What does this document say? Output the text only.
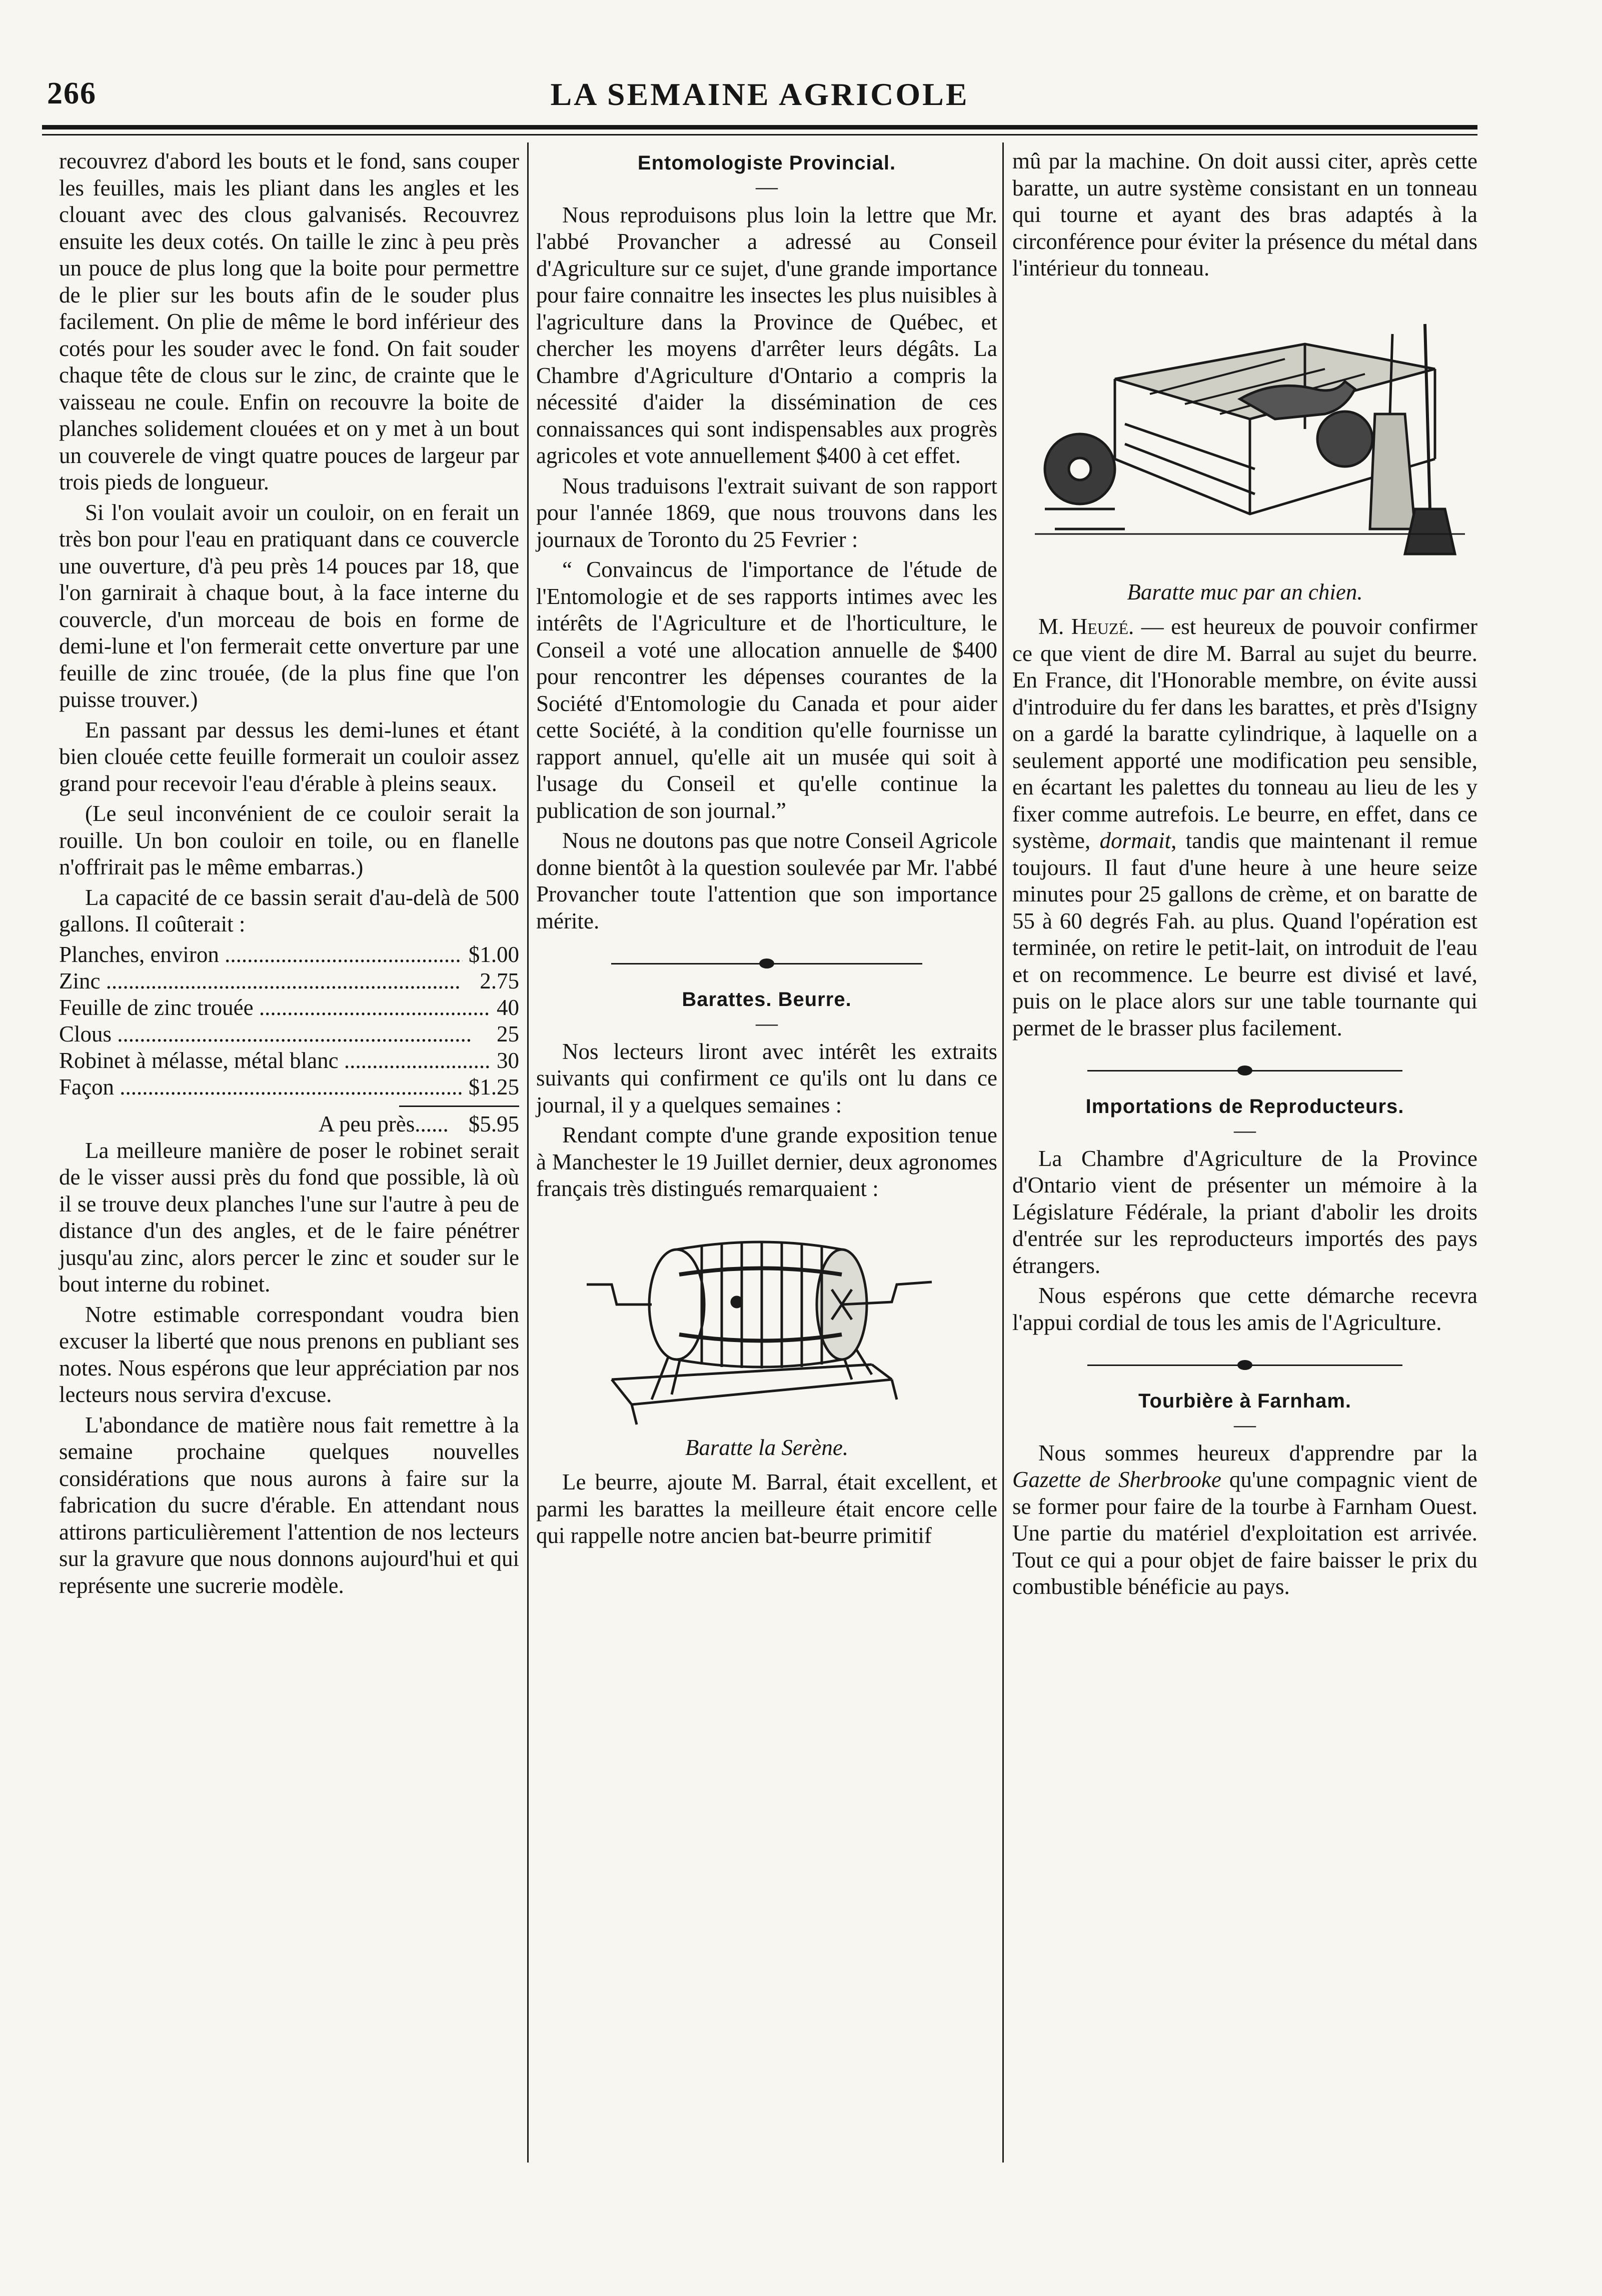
266	LA SEMAINE AGRICOLE

recouvrez d'abord les bouts et le fond, sans couper les feuilles, mais les pliant dans les angles et les clouant avec des clous galvanisés. Recouvrez ensuite les deux cotés. On taille le zinc à peu près un pouce de plus long que la boite pour permettre de le plier sur les bouts afin de le souder plus facilement. On plie de même le bord inférieur des cotés pour les souder avec le fond. On fait souder chaque tête de clous sur le zinc, de crainte que le vaisseau ne coule. Enfin on recouvre la boite de planches solidement clouées et on y met à un bout un couverele de vingt quatre pouces de largeur par trois pieds de longueur.

Si l'on voulait avoir un couloir, on en ferait un très bon pour l'eau en pratiquant dans ce couvercle une ouverture, d'à peu près 14 pouces par 18, que l'on garnirait à chaque bout, à la face interne du couvercle, d'un morceau de bois en forme de demi-lune et l'on fermerait cette onverture par une feuille de zinc trouée, (de la plus fine que l'on puisse trouver.)

En passant par dessus les demi-lunes et étant bien clouée cette feuille formerait un couloir assez grand pour recevoir l'eau d'érable à pleins seaux.

(Le seul inconvénient de ce couloir serait la rouille. Un bon couloir en toile, ou en flanelle n'offrirait pas le même embarras.)

La capacité de ce bassin serait d'au-delà de 500 gallons. Il coûterait :

Planches, environ .....	$1.00
Zinc .....	2.75
Feuille de zinc trouée .....	40
Clous .....	25
Robinet à mélasse, métal blanc .....	30
Façon .....	$1.25
A peu près...... $5.95

La meilleure manière de poser le robinet serait de le visser aussi près du fond que possible, là où il se trouve deux planches l'une sur l'autre à peu de distance d'un des angles, et de le faire pénétrer jusqu'au zinc, alors percer le zinc et souder sur le bout interne du robinet.

Notre estimable correspondant voudra bien excuser la liberté que nous prenons en publiant ses notes. Nous espérons que leur appréciation par nos lecteurs nous servira d'excuse.

L'abondance de matière nous fait remettre à la semaine prochaine quelques nouvelles considérations que nous aurons à faire sur la fabrication du sucre d'érable. En attendant nous attirons particulièrement l'attention de nos lecteurs sur la gravure que nous donnons aujourd'hui et qui représente une sucrerie modèle.

Entomologiste Provincial.
—

Nous reproduisons plus loin la lettre que Mr. l'abbé Provancher a adressé au Conseil d'Agriculture sur ce sujet, d'une grande importance pour faire connaitre les insectes les plus nuisibles à l'agriculture dans la Province de Québec, et chercher les moyens d'arrêter leurs dégâts. La Chambre d'Agriculture d'Ontario a compris la nécessité d'aider la dissémination de ces connaissances qui sont indispensables aux progrès agricoles et vote annuellement $400 à cet effet.

Nous traduisons l'extrait suivant de son rapport pour l'année 1869, que nous trouvons dans les journaux de Toronto du 25 Fevrier :

“ Convaincus de l'importance de l'étude de l'Entomologie et de ses rapports intimes avec les intérêts de l'Agriculture et de l'horticulture, le Conseil a voté une allocation annuelle de $400 pour rencontrer les dépenses courantes de la Société d'Entomologie du Canada et pour aider cette Société, à la condition qu'elle fournisse un rapport annuel, qu'elle ait un musée qui soit à l'usage du Conseil et qu'elle continue la publication de son journal.”

Nous ne doutons pas que notre Conseil Agricole donne bientôt à la question soulevée par Mr. l'abbé Provancher toute l'attention que son importance mérite.

Barattes. Beurre.
—

Nos lecteurs liront avec intérêt les extraits suivants qui confirment ce qu'ils ont lu dans ce journal, il y a quelques semaines :

Rendant compte d'une grande exposition tenue à Manchester le 19 Juillet dernier, deux agronomes français très distingués remarquaient :

Baratte la Serène.

Le beurre, ajoute M. Barral, était excellent, et parmi les barattes la meilleure était encore celle qui rappelle notre ancien bat-beurre primitif

mû par la machine. On doit aussi citer, après cette baratte, un autre système consistant en un tonneau qui tourne et ayant des bras adaptés à la circonférence pour éviter la présence du métal dans l'intérieur du tonneau.

Baratte muc par an chien.

M. Heuzé. — est heureux de pouvoir confirmer ce que vient de dire M. Barral au sujet du beurre. En France, dit l'Honorable membre, on évite aussi d'introduire du fer dans les barattes, et près d'Isigny on a gardé la baratte cylindrique, à laquelle on a seulement apporté une modification peu sensible, en écartant les palettes du tonneau au lieu de les y fixer comme autrefois. Le beurre, en effet, dans ce système, dormait, tandis que maintenant il remue toujours. Il faut d'une heure à une heure seize minutes pour 25 gallons de crème, et on baratte de 55 à 60 degrés Fah. au plus. Quand l'opération est terminée, on retire le petit-lait, on introduit de l'eau et on recommence. Le beurre est divisé et lavé, puis on le place alors sur une table tournante qui permet de le brasser plus facilement.

Importations de Reproducteurs.
—

La Chambre d'Agriculture de la Province d'Ontario vient de présenter un mémoire à la Législature Fédérale, la priant d'abolir les droits d'entrée sur les reproducteurs importés des pays étrangers.

Nous espérons que cette démarche recevra l'appui cordial de tous les amis de l'Agriculture.

Tourbière à Farnham.
—

Nous sommes heureux d'apprendre par la Gazette de Sherbrooke qu'une compagnic vient de se former pour faire de la tourbe à Farnham Ouest. Une partie du matériel d'exploitation est arrivée. Tout ce qui a pour objet de faire baisser le prix du combustible bénéficie au pays.
